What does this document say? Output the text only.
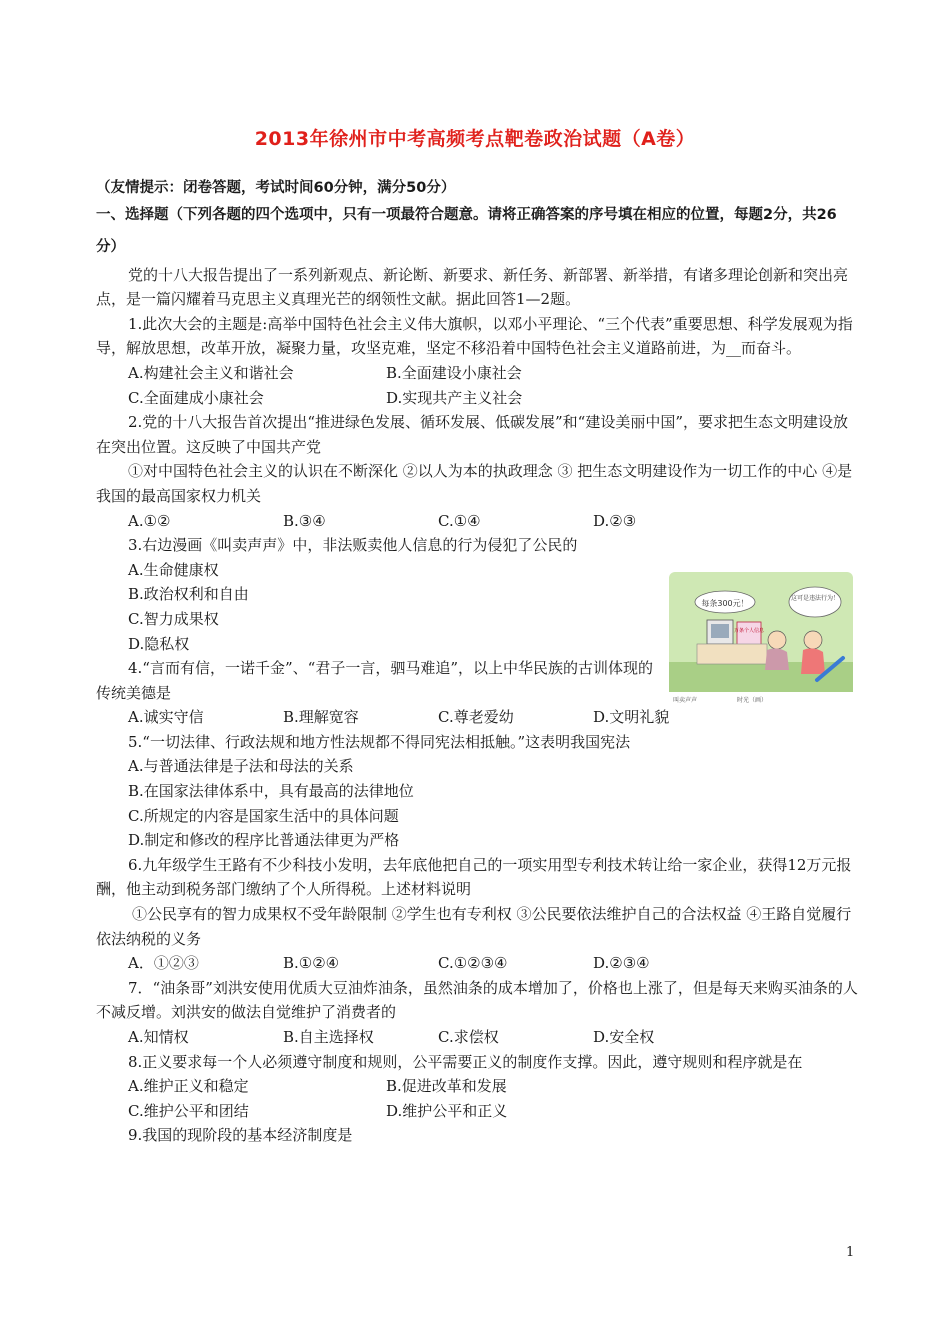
2013年徐州市中考高频考点靶卷政治试题（A卷）

（友情提示：闭卷答题，考试时间60分钟，满分50分）

一、选择题（下列各题的四个选项中，只有一项最符合题意。请将正确答案的序号填在相应的位置，每题2分，共26分）

党的十八大报告提出了一系列新观点、新论断、新要求、新任务、新部署、新举措，有诸多理论创新和突出亮点，是一篇闪耀着马克思主义真理光芒的纲领性文献。据此回答1—2题。

1.此次大会的主题是:高举中国特色社会主义伟大旗帜，以邓小平理论、“三个代表”重要思想、科学发展观为指导，解放思想，改革开放，凝聚力量，攻坚克难，坚定不移沿着中国特色社会主义道路前进，为__而奋斗。

A.构建社会主义和谐社会	B.全面建设小康社会
C.全面建成小康社会	D.实现共产主义社会

2.党的十八大报告首次提出“推进绿色发展、循环发展、低碳发展”和“建设美丽中国”，要求把生态文明建设放在突出位置。这反映了中国共产党

①对中国特色社会主义的认识在不断深化 ②以人为本的执政理念 ③ 把生态文明建设作为一切工作的中心 ④是我国的最高国家权力机关

A.①②	B.③④	C.①④	D.②③

3.右边漫画《叫卖声声》中，非法贩卖他人信息的行为侵犯了公民的

A.生命健康权
B.政治权利和自由
C.智力成果权
D.隐私权

4.“言而有信，一诺千金”、“君子一言，驷马难追”，以上中华民族的古训体现的传统美德是

A.诚实守信	B.理解宽容	C.尊老爱幼	D.文明礼貌

5.“一切法律、行政法规和地方性法规都不得同宪法相抵触。”这表明我国宪法

A.与普通法律是子法和母法的关系
B.在国家法律体系中，具有最高的法律地位
C.所规定的内容是国家生活中的具体问题
D.制定和修改的程序比普通法律更为严格

6.九年级学生王路有不少科技小发明，去年底他把自己的一项实用型专利技术转让给一家企业，获得12万元报酬，他主动到税务部门缴纳了个人所得税。上述材料说明

①公民享有的智力成果权不受年龄限制 ②学生也有专利权 ③公民要依法维护自己的合法权益 ④王路自觉履行依法纳税的义务

A．①②③	B.①②④	C.①②③④	D.②③④

7．“油条哥”刘洪安使用优质大豆油炸油条，虽然油条的成本增加了，价格也上涨了，但是每天来购买油条的人不减反增。刘洪安的做法自觉维护了消费者的

A.知情权	B.自主选择权	C.求偿权	D.安全权

8.正义要求每一个人必须遵守制度和规则，公平需要正义的制度作支撑。因此，遵守规则和程序就是在

A.维护正义和稳定	B.促进改革和发展
C.维护公平和团结	D.维护公平和正义

9.我国的现阶段的基本经济制度是

每条300元！
这可是违法行为！
万条个人信息
叫卖声声	时光（画）
1
